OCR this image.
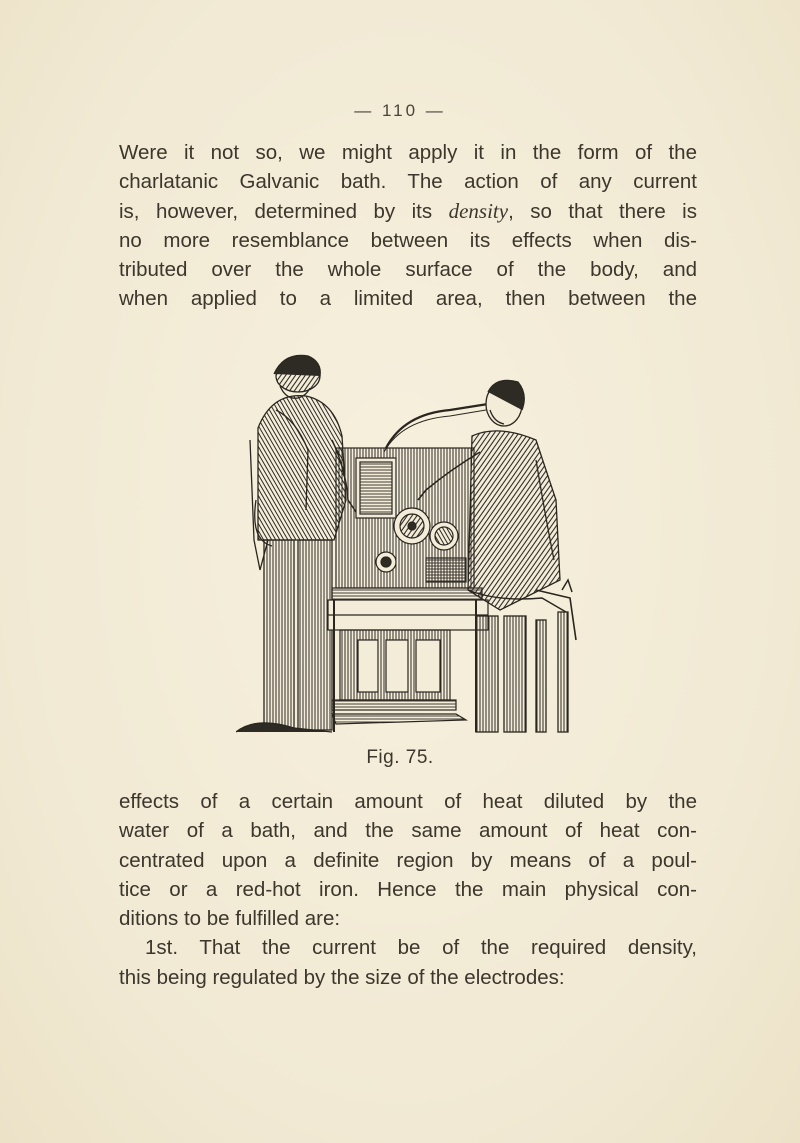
— 110 —
Were it not so, we might apply it in the form of the
charlatanic Galvanic bath. The action of any current
is, however, determined by its density, so that there is
no more resemblance between its effects when dis-
tributed over the whole surface of the body, and
when applied to a limited area, then between the
Fig. 75.
effects of a certain amount of heat diluted by the
water of a bath, and the same amount of heat con-
centrated upon a definite region by means of a poul-
tice or a red-hot iron. Hence the main physical con-
ditions to be fulfilled are:
1st. That the current be of the required density,
this being regulated by the size of the electrodes:
